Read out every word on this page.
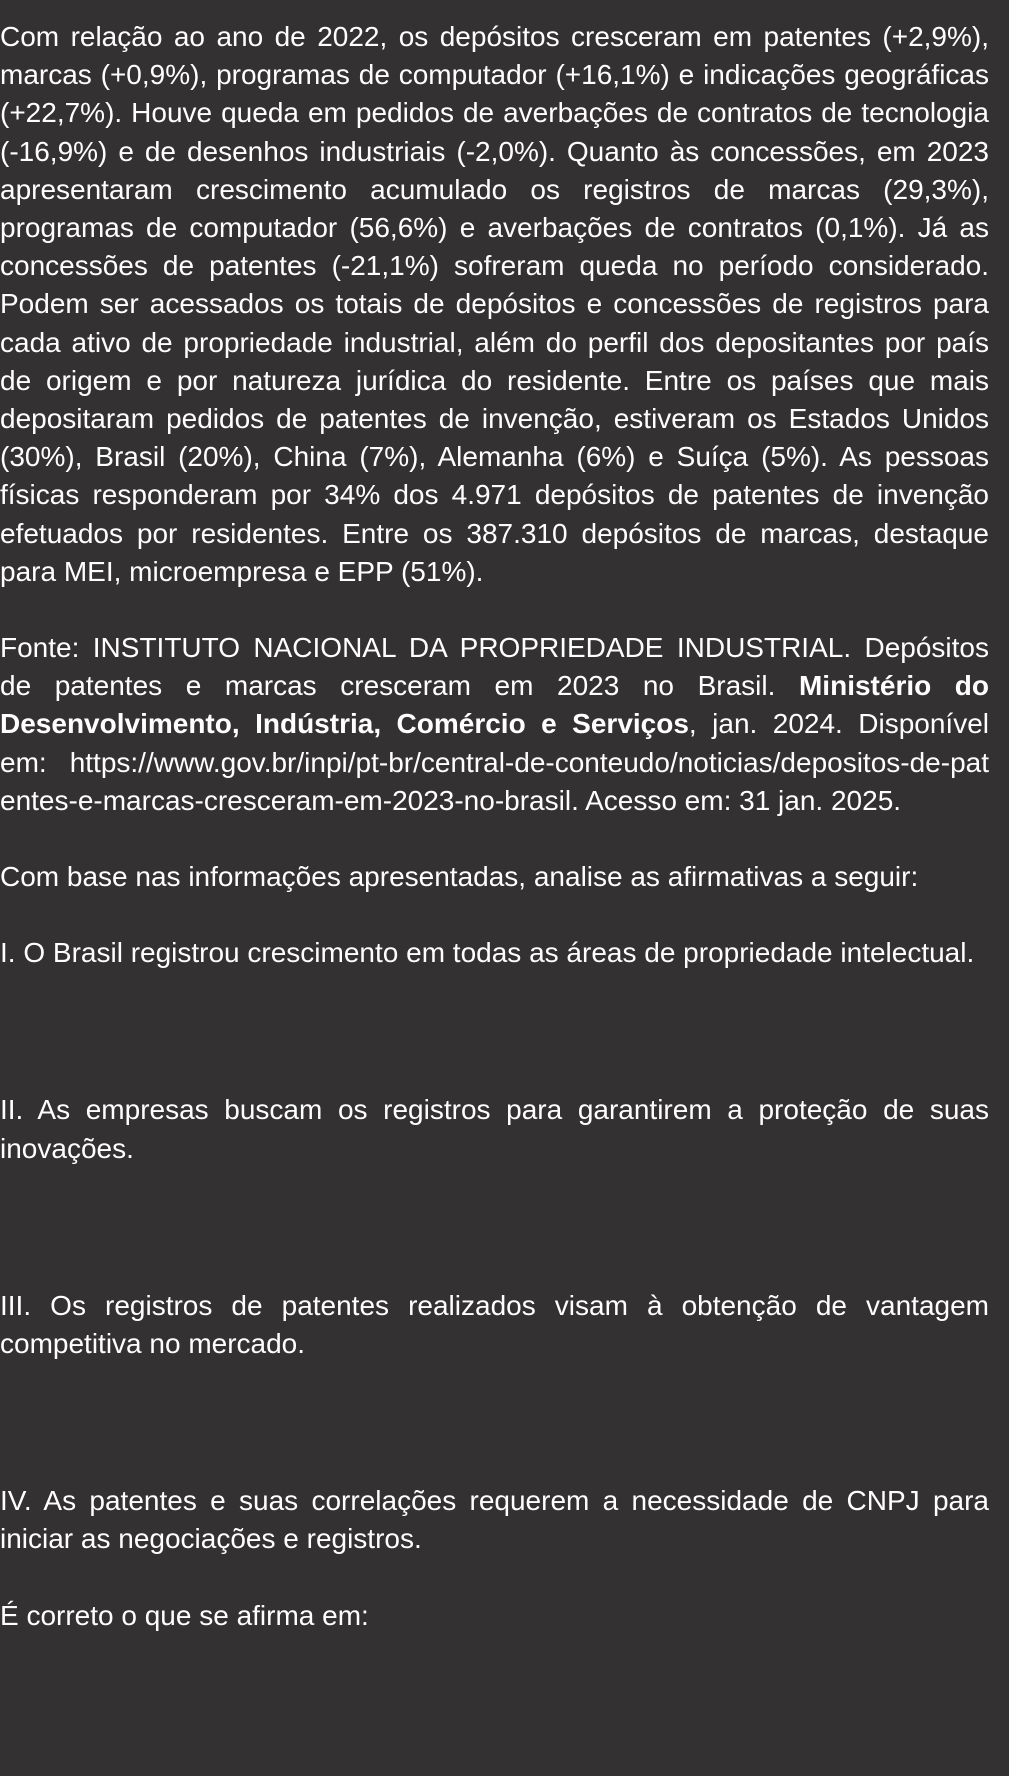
Com relação ao ano de 2022, os depósitos cresceram em patentes (+2,9%), marcas (+0,9%), programas de computador (+16,1%) e indicações geográficas (+22,7%). Houve queda em pedidos de averbações de contratos de tecnologia (-16,9%) e de desenhos industriais (-2,0%). Quanto às concessões, em 2023 apresentaram crescimento acumulado os registros de marcas (29,3%), programas de computador (56,6%) e averbações de contratos (0,1%). Já as concessões de patentes (-21,1%) sofreram queda no período considerado. Podem ser acessados os totais de depósitos e concessões de registros para cada ativo de propriedade industrial, além do perfil dos depositantes por país de origem e por natureza jurídica do residente. Entre os países que mais depositaram pedidos de patentes de invenção, estiveram os Estados Unidos (30%), Brasil (20%), China (7%), Alemanha (6%) e Suíça (5%). As pessoas físicas responderam por 34% dos 4.971 depósitos de patentes de invenção efetuados por residentes. Entre os 387.310 depósitos de marcas, destaque para MEI, microempresa e EPP (51%).

Fonte: INSTITUTO NACIONAL DA PROPRIEDADE INDUSTRIAL. Depósitos de patentes e marcas cresceram em 2023 no Brasil. Ministério do Desenvolvimento, Indústria, Comércio e Serviços, jan. 2024. Disponível em: https://www.gov.br/inpi/pt-br/central-de-conteudo/noticias/depositos-de-patentes-e-marcas-cresceram-em-2023-no-brasil. Acesso em: 31 jan. 2025.

Com base nas informações apresentadas, analise as afirmativas a seguir:

I. O Brasil registrou crescimento em todas as áreas de propriedade intelectual.

II. As empresas buscam os registros para garantirem a proteção de suas inovações.

III. Os registros de patentes realizados visam à obtenção de vantagem competitiva no mercado.

IV. As patentes e suas correlações requerem a necessidade de CNPJ para iniciar as negociações e registros.

É correto o que se afirma em:
